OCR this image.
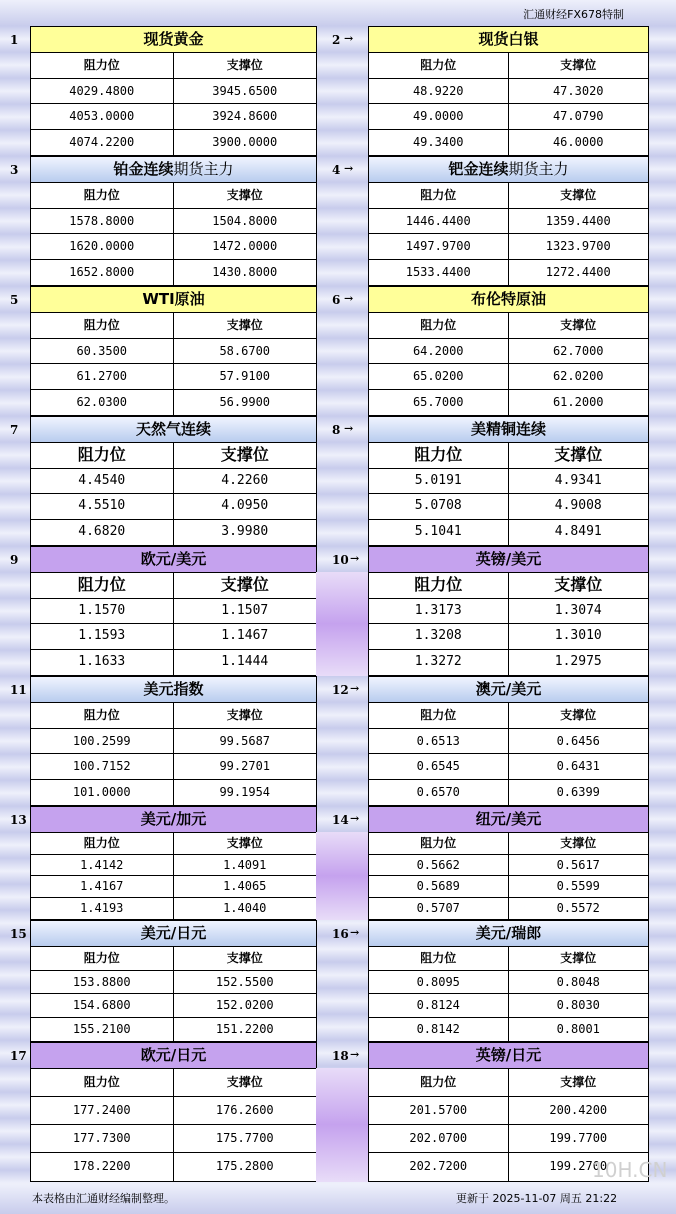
汇通财经FX678特制
1	现货黄金
阻力位	支撑位
4029.4800	3945.6500
4053.0000	3924.8600
4074.2200	3900.0000
2 →	现货白银
阻力位	支撑位
48.9220	47.3020
49.0000	47.0790
49.3400	46.0000
3	铂金连续期货主力
阻力位	支撑位
1578.8000	1504.8000
1620.0000	1472.0000
1652.8000	1430.8000
4 →	钯金连续期货主力
阻力位	支撑位
1446.4400	1359.4400
1497.9700	1323.9700
1533.4400	1272.4400
5	WTI原油
阻力位	支撑位
60.3500	58.6700
61.2700	57.9100
62.0300	56.9900
6 →	布伦特原油
阻力位	支撑位
64.2000	62.7000
65.0200	62.0200
65.7000	61.2000
7	天然气连续
阻力位	支撑位
4.4540	4.2260
4.5510	4.0950
4.6820	3.9980
8 →	美精铜连续
阻力位	支撑位
5.0191	4.9341
5.0708	4.9008
5.1041	4.8491
9	欧元/美元
阻力位	支撑位
1.1570	1.1507
1.1593	1.1467
1.1633	1.1444
10 →	英镑/美元
阻力位	支撑位
1.3173	1.3074
1.3208	1.3010
1.3272	1.2975
11	美元指数
阻力位	支撑位
100.2599	99.5687
100.7152	99.2701
101.0000	99.1954
12 →	澳元/美元
阻力位	支撑位
0.6513	0.6456
0.6545	0.6431
0.6570	0.6399
13	美元/加元
阻力位	支撑位
1.4142	1.4091
1.4167	1.4065
1.4193	1.4040
14 →	纽元/美元
阻力位	支撑位
0.5662	0.5617
0.5689	0.5599
0.5707	0.5572
15	美元/日元
阻力位	支撑位
153.8800	152.5500
154.6800	152.0200
155.2100	151.2200
16 →	美元/瑞郎
阻力位	支撑位
0.8095	0.8048
0.8124	0.8030
0.8142	0.8001
17	欧元/日元
阻力位	支撑位
177.2400	176.2600
177.7300	175.7700
178.2200	175.2800
18 →	英镑/日元
阻力位	支撑位
201.5700	200.4200
202.0700	199.7700
202.7200	199.2700
本表格由汇通财经编制整理。	更新于 2025-11-07 周五 21:22
10H.CN
